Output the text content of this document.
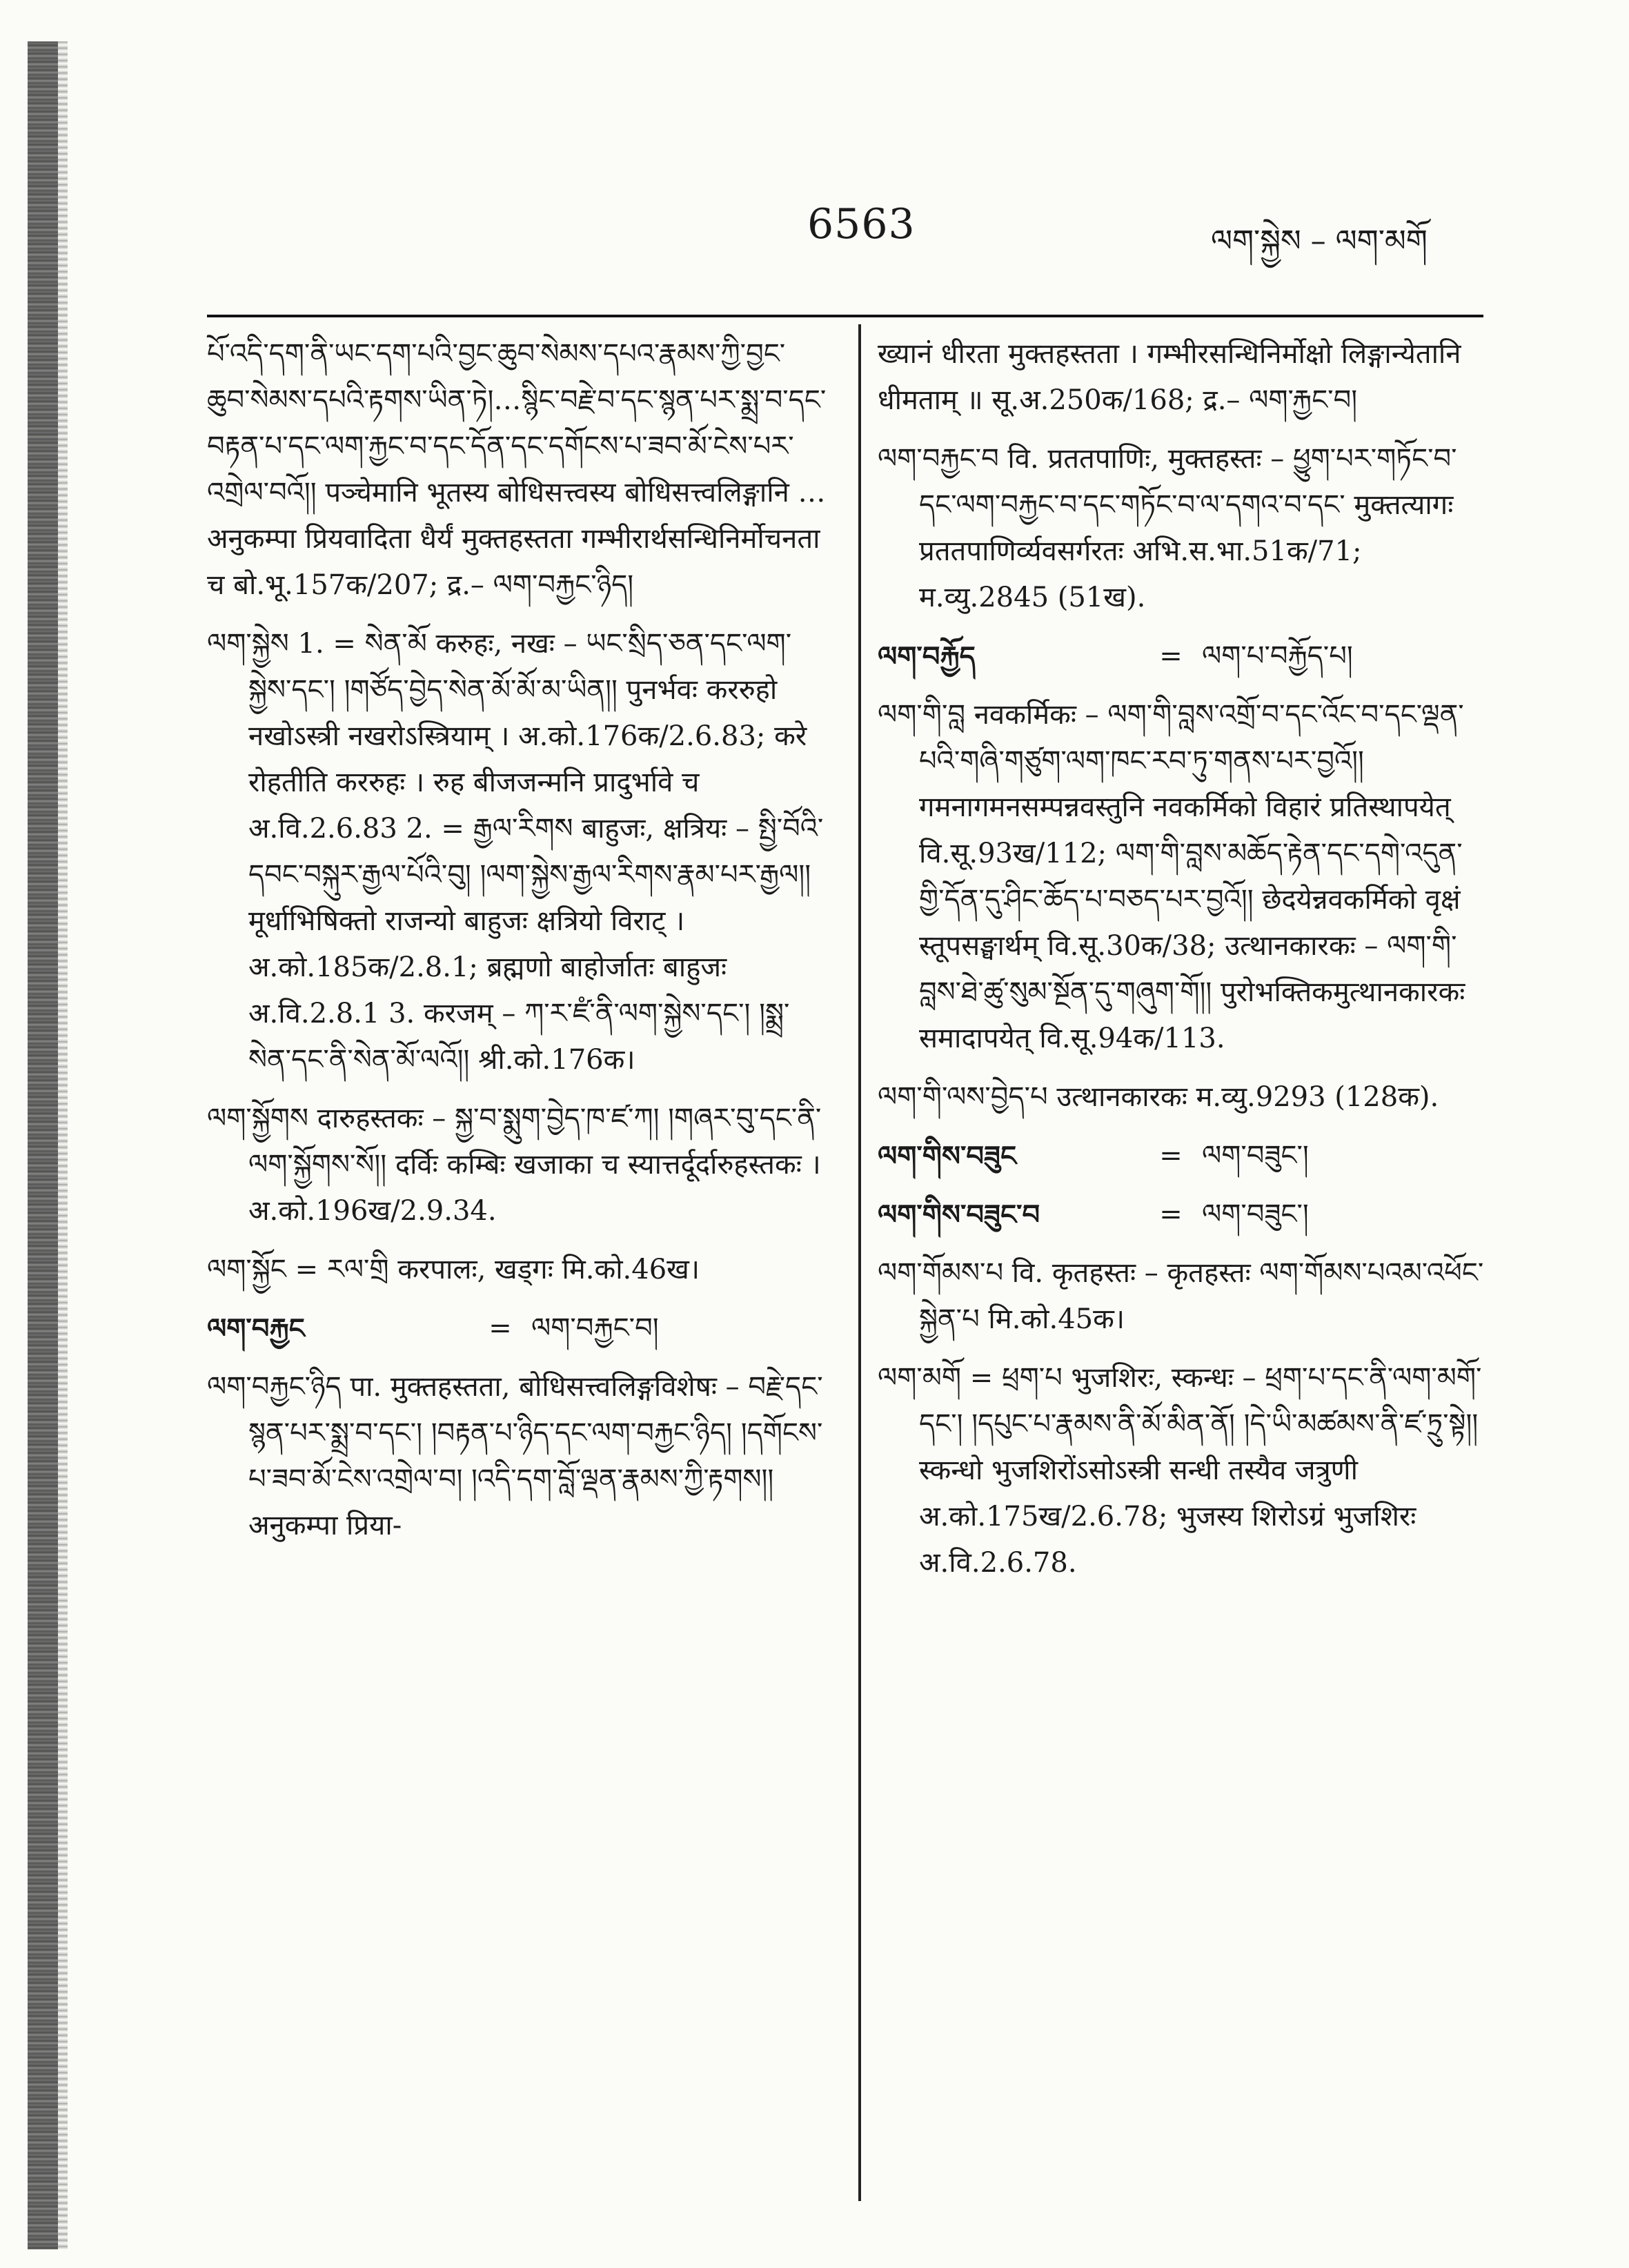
6563	ལག་སྐྱེས – ལག་མགོ
པོ་འདི་དག་ནི་ཡང་དག་པའི་བྱང་ཆུབ་སེམས་དཔའ་རྣམས་ཀྱི་བྱང་ཆུབ་སེམས་དཔའི་རྟགས་ཡིན་ཏེ།…སྙིང་བརྗེ་བ་དང་སྙན་པར་སྨྲ་བ་དང་བརྟན་པ་དང་ལག་རྐྱང་བ་དང་དོན་དང་དགོངས་པ་ཟབ་མོ་ངེས་པར་འགྲེལ་བའོ།། पञ्चेमानि भूतस्य बोधिसत्त्वस्य बोधिसत्त्वलिङ्गानि …अनुकम्पा प्रियवादिता धैर्यं मुक्तहस्तता गम्भीरार्थसन्धिनिर्मोचनता च बो.भू.157क/207; द्र.– ལག་བརྐྱང་ཉིད།
ལག་སྐྱེས 1. = སེན་མོ करुहः, नखः – ཡང་སྲིད་ཅན་དང་ལག་སྐྱེས་དང་། །གཙོད་བྱེད་སེན་མོ་མོ་མ་ཡིན།། पुनर्भवः कररुहो नखोऽस्त्री नखरोऽस्त्रियाम् । अ.को.176क/2.6.83; करे रोहतीति कररुहः । रुह बीजजन्मनि प्रादुर्भावे च अ.वि.2.6.83 2. = རྒྱལ་རིགས बाहुजः, क्षत्रियः – སྤྱི་བོའི་དབང་བསྐུར་རྒྱལ་པོའི་བུ། །ལག་སྐྱེས་རྒྱལ་རིགས་རྣམ་པར་རྒྱལ།། मूर्धाभिषिक्तो राजन्यो बाहुजः क्षत्रियो विराट् । अ.को.185क/2.8.1; ब्रह्मणो बाहोर्जातः बाहुजः अ.वि.2.8.1 3. करजम् – ཀ་ར་ཛཾ་ནི་ལག་སྐྱེས་དང་། །སྨྲ་སེན་དང་ནི་སེན་མོ་ལའོ།། श्री.को.176क।
ལག་སྐྱོགས दारुहस्तकः – སྐྱ་བ་སྨུག་བྱེད་ཁ་ཛ་ཀ། །གཞར་བུ་དང་ནི་ལག་སྐྱོགས་སོ།། दर्विः कम्बिः खजाका च स्यात्तर्दूर्दारुहस्तकः । अ.को.196ख/2.9.34.
ལག་སྐྱོང = རལ་གྲི करपालः, खड्गः मि.को.46ख।
ལག་བརྐྱང	= ལག་བརྐྱང་བ།
ལག་བརྐྱང་ཉིད पा. मुक्तहस्तता, बोधिसत्त्वलिङ्गविशेषः – བརྗེ་དང་སྙན་པར་སྨྲ་བ་དང་། །བརྟན་པ་ཉིད་དང་ལག་བརྐྱང་ཉིད། །དགོངས་པ་ཟབ་མོ་ངེས་འགྲེལ་བ། །འདི་དག་བློ་ལྡན་རྣམས་ཀྱི་རྟགས།། अनुकम्पा प्रिया-
ख्यानं धीरता मुक्तहस्तता । गम्भीरसन्धिनिर्मोक्षो लिङ्गान्येतानि धीमताम् ॥ सू.अ.250क/168; द्र.– ལག་རྐྱང་བ།
ལག་བརྐྱང་བ वि. प्रततपाणिः, मुक्तहस्तः – ཕྱུག་པར་གཏོང་བ་དང་ལག་བརྐྱང་བ་དང་གཏོང་བ་ལ་དགའ་བ་དང་ मुक्तत्यागः प्रततपाणिर्व्यवसर्गरतः अभि.स.भा.51क/71; म.व्यु.2845 (51ख).
ལག་བརྐྱོད	= ལག་པ་བརྐྱོད་པ།
ལག་གི་བླ नवकर्मिकः – ལག་གི་བླས་འགྲོ་བ་དང་འོང་བ་དང་ལྡན་པའི་གཞི་གཙུག་ལག་ཁང་རབ་ཏུ་གནས་པར་བྱའོ།། गमनागमनसम्पन्नवस्तुनि नवकर्मिको विहारं प्रतिस्थापयेत् वि.सू.93ख/112; ལག་གི་བླས་མཆོད་རྟེན་དང་དགེ་འདུན་གྱི་དོན་དུ་ཤིང་ཆོད་པ་བཅད་པར་བྱའོ།། छेदयेन्नवकर्मिको वृक्षं स्तूपसङ्घार्थम् वि.सू.30क/38; उत्थानकारकः – ལག་གི་བླས་ཐེ་ཚུ་སུམ་སྔོན་དུ་གཞུག་གོ།། पुरोभक्तिकमुत्थानकारकः समादापयेत् वि.सू.94क/113.
ལག་གི་ལས་བྱེད་པ उत्थानकारकः म.व्यु.9293 (128क).
ལག་གིས་བཟུང	= ལག་བཟུང་།
ལག་གིས་བཟུང་བ	= ལག་བཟུང་།
ལག་གོམས་པ वि. कृतहस्तः – कृतहस्तः ལག་གོམས་པའམ་འཕོང་སྐྱེན་པ मि.को.45क।
ལག་མགོ = ཕྲག་པ भुजशिरः, स्कन्धः – ཕྲག་པ་དང་ནི་ལག་མགོ་དང་། །དཔུང་པ་རྣམས་ནི་མོ་མིན་ནོ། །དེ་ཡི་མཚམས་ནི་ཛ་ཏྲུ་སྟེ།། स्कन्धो भुजशिरोंऽसोऽस्त्री सन्धी तस्यैव जत्रुणी अ.को.175ख/2.6.78; भुजस्य शिरोऽग्रं भुजशिरः अ.वि.2.6.78.
